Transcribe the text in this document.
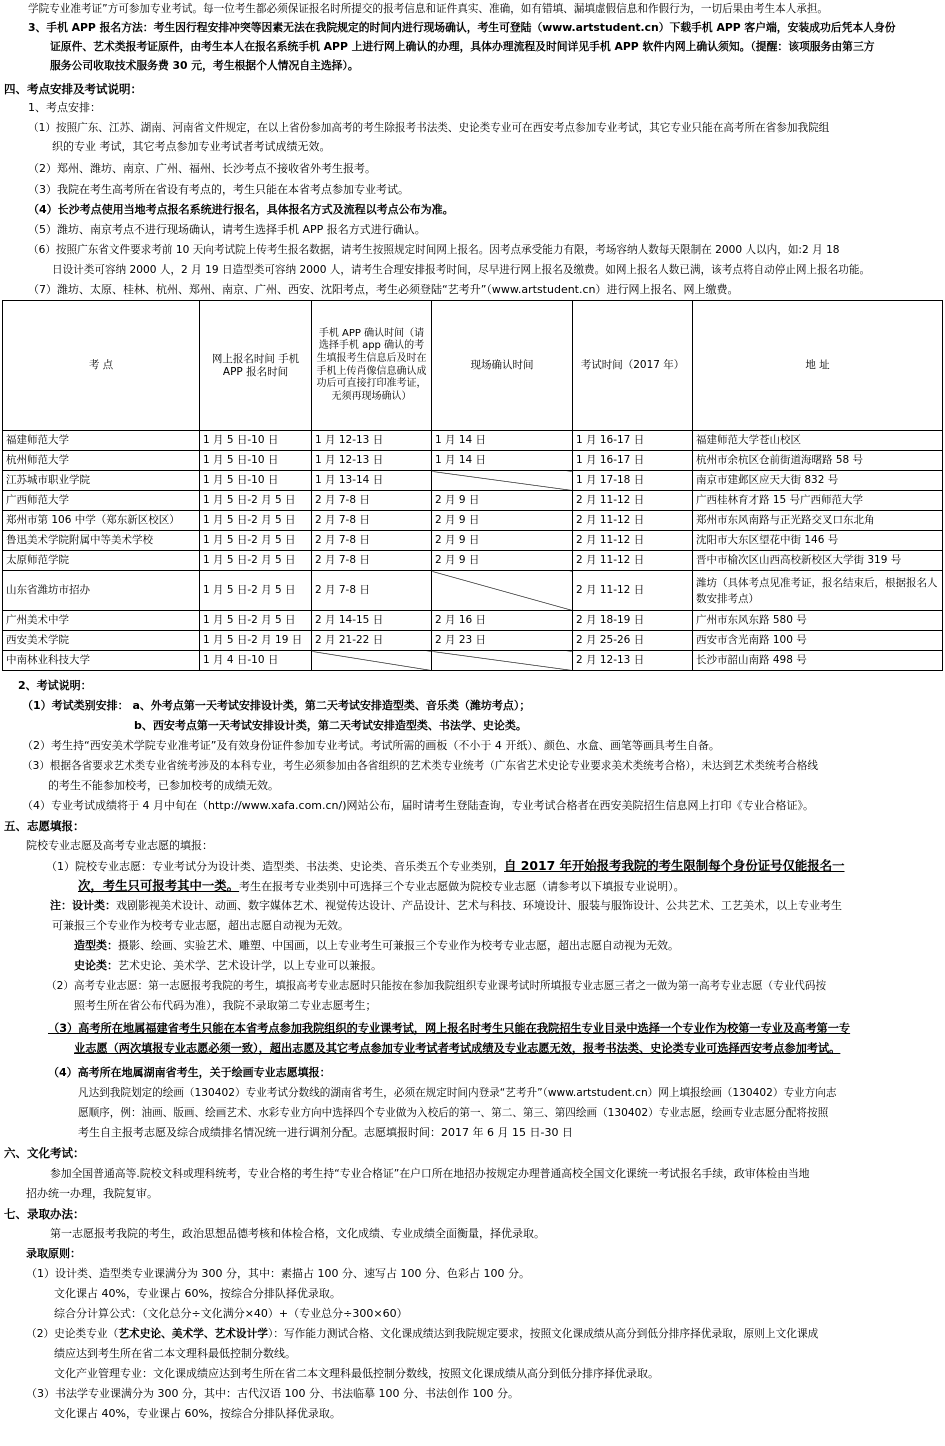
学院专业准考证”方可参加专业考试。每一位考生都必须保证报名时所提交的报考信息和证件真实、准确，如有错填、漏填虚假信息和作假行为，一切后果由考生本人承担。
3、手机 APP 报名方法：考生因行程安排冲突等因素无法在我院规定的时间内进行现场确认，考生可登陆（www.artstudent.cn）下载手机 APP 客户端，安装成功后凭本人身份
证原件、艺术类报考证原件，由考生本人在报名系统手机 APP 上进行网上确认的办理，具体办理流程及时间详见手机 APP 软件内网上确认须知。（提醒：该项服务由第三方
服务公司收取技术服务费 30 元，考生根据个人情况自主选择）。
四、考点安排及考试说明：
1、考点安排：
（1）按照广东、江苏、湖南、河南省文件规定，在以上省份参加高考的考生除报考书法类、史论类专业可在西安考点参加专业考试，其它专业只能在高考所在省参加我院组
织的专业 考试，其它考点参加专业考试者考试成绩无效。
（2）郑州、潍坊、南京、广州、福州、长沙考点不接收省外考生报考。
（3）我院在考生高考所在省设有考点的，考生只能在本省考点参加专业考试。
（4）长沙考点使用当地考点报名系统进行报名，具体报名方式及流程以考点公布为准。
（5）潍坊、南京考点不进行现场确认，请考生选择手机 APP 报名方式进行确认。
（6）按照广东省文件要求考前 10 天向考试院上传考生报名数据，请考生按照规定时间网上报名。因考点承受能力有限，考场容纳人数每天限制在 2000 人以内，如:2 月 18
日设计类可容纳 2000 人，2 月 19 日造型类可容纳 2000 人，请考生合理安排报考时间，尽早进行网上报名及缴费。如网上报名人数已满，该考点将自动停止网上报名功能。
（7）潍坊、太原、桂林、杭州、郑州、南京、广州、西安、沈阳考点，考生必须登陆“艺考升”（www.artstudent.cn）进行网上报名、网上缴费。
考 点	网上报名时间 手机 APP 报名时间	手机 APP 确认时间（请选择手机 app 确认的考生填报考生信息后及时在手机上传肖像信息确认成功后可直接打印准考证，无须再现场确认）	现场确认时间	考试时间（2017 年）	地 址
福建师范大学	1 月 5 日-10 日	1 月 12-13 日	1 月 14 日	1 月 16-17 日	福建师范大学苍山校区
杭州师范大学	1 月 5 日-10 日	1 月 12-13 日	1 月 14 日	1 月 16-17 日	杭州市余杭区仓前街道海曙路 58 号
江苏城市职业学院	1 月 5 日-10 日	1 月 13-14 日		1 月 17-18 日	南京市建邺区应天大街 832 号
广西师范大学	1 月 5 日-2 月 5 日	2 月 7-8 日	2 月 9 日	2 月 11-12 日	广西桂林育才路 15 号广西师范大学
郑州市第 106 中学（郑东新区校区）	1 月 5 日-2 月 5 日	2 月 7-8 日	2 月 9 日	2 月 11-12 日	郑州市东风南路与正光路交叉口东北角
鲁迅美术学院附属中等美术学校	1 月 5 日-2 月 5 日	2 月 7-8 日	2 月 9 日	2 月 11-12 日	沈阳市大东区望花中街 146 号
太原师范学院	1 月 5 日-2 月 5 日	2 月 7-8 日	2 月 9 日	2 月 11-12 日	晋中市榆次区山西高校新校区大学街 319 号
山东省潍坊市招办	1 月 5 日-2 月 5 日	2 月 7-8 日		2 月 11-12 日	潍坊（具体考点见准考证，报名结束后，根据报名人数安排考点）
广州美术中学	1 月 5 日-2 月 5 日	2 月 14-15 日	2 月 16 日	2 月 18-19 日	广州市东风东路 580 号
西安美术学院	1 月 5 日-2 月 19 日	2 月 21-22 日	2 月 23 日	2 月 25-26 日	西安市含光南路 100 号
中南林业科技大学	1 月 4 日-10 日			2 月 12-13 日	长沙市韶山南路 498 号
2、考试说明：
（1）考试类别安排： a、外考点第一天考试安排设计类，第二天考试安排造型类、音乐类（潍坊考点）；
b、西安考点第一天考试安排设计类，第二天考试安排造型类、书法学、史论类。
（2）考生持“西安美术学院专业准考证”及有效身份证件参加专业考试。考试所需的画板（不小于 4 开纸）、颜色、水盒、画笔等画具考生自备。
（3）根据各省要求艺术类专业省统考涉及的本科专业，考生必须参加由各省组织的艺术类专业统考（广东省艺术史论专业要求美术类统考合格），未达到艺术类统考合格线
的考生不能参加校考，已参加校考的成绩无效。
（4）专业考试成绩将于 4 月中旬在（http://www.xafa.com.cn/)网站公布，届时请考生登陆查询，专业考试合格者在西安美院招生信息网上打印《专业合格证》。
五、志愿填报：
院校专业志愿及高考专业志愿的填报：
（1）院校专业志愿：专业考试分为设计类、造型类、书法类、史论类、音乐类五个专业类别，自 2017 年开始报考我院的考生限制每个身份证号仅能报名一
次，考生只可报考其中一类。考生在报考专业类别中可选择三个专业志愿做为院校专业志愿（请参考以下填报专业说明）。
注：设计类：戏剧影视美术设计、动画、数字媒体艺术、视觉传达设计、产品设计、艺术与科技、环境设计、服装与服饰设计、公共艺术、工艺美术，以上专业考生
可兼报三个专业作为校考专业志愿，超出志愿自动视为无效。
造型类：摄影、绘画、实验艺术、雕塑、中国画，以上专业考生可兼报三个专业作为校考专业志愿，超出志愿自动视为无效。
史论类：艺术史论、美术学、艺术设计学，以上专业可以兼报。
（2）高考专业志愿：第一志愿报考我院的考生，填报高考专业志愿时只能按在参加我院组织专业课考试时所填报专业志愿三者之一做为第一高考专业志愿（专业代码按
照考生所在省公布代码为准），我院不录取第二专业志愿考生；
（3）高考所在地属福建省考生只能在本省考点参加我院组织的专业课考试，网上报名时考生只能在我院招生专业目录中选择一个专业作为校第一专业及高考第一专
业志愿（两次填报专业志愿必须一致），超出志愿及其它考点参加专业考试者考试成绩及专业志愿无效，报考书法类、史论类专业可选择西安考点参加考试。
（4）高考所在地属湖南省考生，关于绘画专业志愿填报：
凡达到我院划定的绘画（130402）专业考试分数线的湖南省考生，必须在规定时间内登录“艺考升”（www.artstudent.cn）网上填报绘画（130402）专业方向志
愿顺序，例：油画、版画、绘画艺术、水彩专业方向中选择四个专业做为入校后的第一、第二、第三、第四绘画（130402）专业志愿，绘画专业志愿分配将按照
考生自主报考志愿及综合成绩排名情况统一进行调剂分配。志愿填报时间：2017 年 6 月 15 日-30 日
六、文化考试：
参加全国普通高等.院校文科或理科统考，专业合格的考生持“专业合格证”在户口所在地招办按规定办理普通高校全国文化课统一考试报名手续，政审体检由当地
招办统一办理，我院复审。
七、录取办法：
第一志愿报考我院的考生，政治思想品德考核和体检合格，文化成绩、专业成绩全面衡量，择优录取。
录取原则：
（1）设计类、造型类专业课满分为 300 分，其中：素描占 100 分、速写占 100 分、色彩占 100 分。
文化课占 40%，专业课占 60%，按综合分排队择优录取。
综合分计算公式：（文化总分÷文化满分×40）+（专业总分÷300×60）
（2）史论类专业（艺术史论、美术学、艺术设计学）：写作能力测试合格、文化课成绩达到我院规定要求，按照文化课成绩从高分到低分排序择优录取，原则上文化课成
绩应达到考生所在省二本文理科最低控制分数线。
文化产业管理专业：文化课成绩应达到考生所在省二本文理科最低控制分数线，按照文化课成绩从高分到低分排序择优录取。
（3）书法学专业课满分为 300 分，其中：古代汉语 100 分、书法临摹 100 分、书法创作 100 分。
文化课占 40%，专业课占 60%，按综合分排队择优录取。
